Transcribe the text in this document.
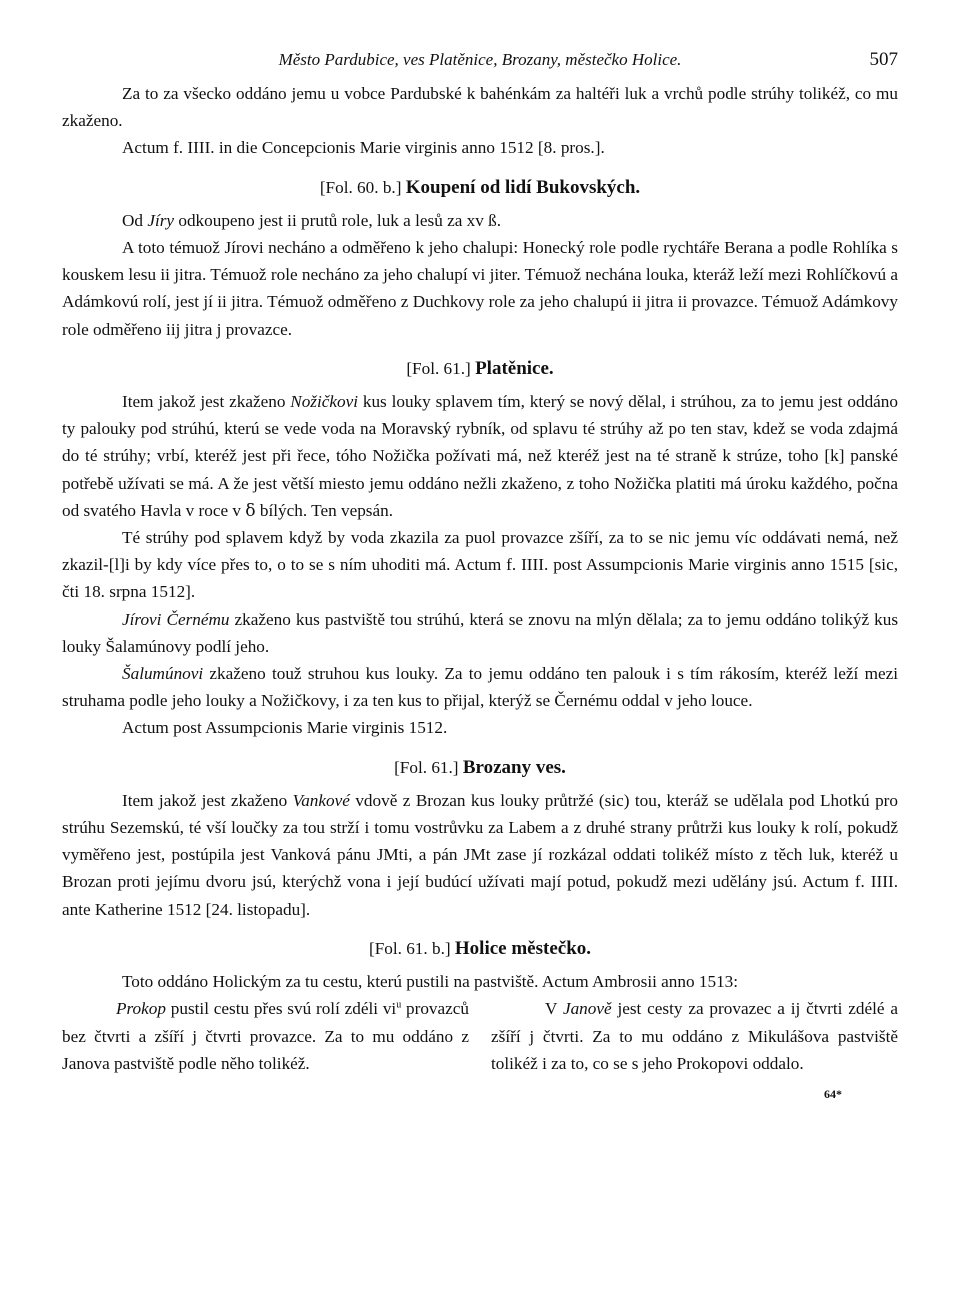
Město Pardubice, ves Platěnice, Brozany, městečko Holice.	507

Za to za všecko oddáno jemu u vobce Pardubské k bahénkám za haltéři luk a vrchů podle strúhy tolikéž, co mu zkaženo.

Actum f. IIII. in die Concepcionis Marie virginis anno 1512 [8. pros.].

[Fol. 60. b.] Koupení od lidí Bukovských.

Od Jíry odkoupeno jest ii prutů role, luk a lesů za xv ß.

A toto témuož Jírovi necháno a odměřeno k jeho chalupi: Honecký role podle rychtáře Berana a podle Rohlíka s kouskem lesu ii jitra. Témuož role necháno za jeho chalupí vi jiter. Témuož nechána louka, kteráž leží mezi Rohlíčkovú a Adámkovú rolí, jest jí ii jitra. Témuož odměřeno z Duchkovy role za jeho chalupú ii jitra ii provazce. Témuož Adámkovy role odměřeno iij jitra j provazce.

[Fol. 61.] Platěnice.

Item jakož jest zkaženo Nožičkovi kus louky splavem tím, který se nový dělal, i strúhou, za to jemu jest oddáno ty palouky pod strúhú, kterú se vede voda na Moravský rybník, od splavu té strúhy až po ten stav, kdež se voda zdajmá do té strúhy; vrbí, kteréž jest při řece, tóho Nožička požívati má, než kteréž jest na té straně k strúze, toho [k] panské potřebě užívati se má. A že jest větší miesto jemu oddáno nežli zkaženo, z toho Nožička platiti má úroku každého, počna od svatého Havla v roce v ẟ bílých. Ten vepsán.

Té strúhy pod splavem když by voda zkazila za puol provazce zšíří, za to se nic jemu víc oddávati nemá, než zkazil-[l]i by kdy více přes to, o to se s ním uhoditi má. Actum f. IIII. post Assumpcionis Marie virginis anno 1515 [sic, čti 18. srpna 1512].

Jírovi Černému zkaženo kus pastviště tou strúhú, která se znovu na mlýn dělala; za to jemu oddáno tolikýž kus louky Šalamúnovy podlí jeho.

Šalumúnovi zkaženo touž struhou kus louky. Za to jemu oddáno ten palouk i s tím rákosím, kteréž leží mezi struhama podle jeho louky a Nožičkovy, i za ten kus to přijal, kterýž se Černému oddal v jeho louce.

Actum post Assumpcionis Marie virginis 1512.

[Fol. 61.] Brozany ves.

Item jakož jest zkaženo Vankové vdově z Brozan kus louky průtržé (sic) tou, kteráž se udělala pod Lhotkú pro strúhu Sezemskú, té vší loučky za tou strží i tomu vostrůvku za Labem a z druhé strany průtrži kus louky k rolí, pokudž vyměřeno jest, postúpila jest Vanková pánu JMti, a pán JMt zase jí rozkázal oddati tolikéž místo z těch luk, kteréž u Brozan proti jejímu dvoru jsú, kterýchž vona i její budúcí užívati mají potud, pokudž mezi udělány jsú. Actum f. IIII. ante Katherine 1512 [24. listopadu].

[Fol. 61. b.] Holice městečko.

Toto oddáno Holickým za tu cestu, kterú pustili na pastviště. Actum Ambrosii anno 1513:

Prokop pustil cestu přes svú rolí zdéli $vi^u$ provazců bez čtvrti a zšíří j čtvrti provazce. Za to mu oddáno z Janova pastviště podle něho tolikéž.

V Janově jest cesty za provazec a ij čtvrti zdélé a zšíří j čtvrti. Za to mu oddáno z Mikulášova pastviště tolikéž i za to, co se s jeho Prokopovi oddalo.

64*
